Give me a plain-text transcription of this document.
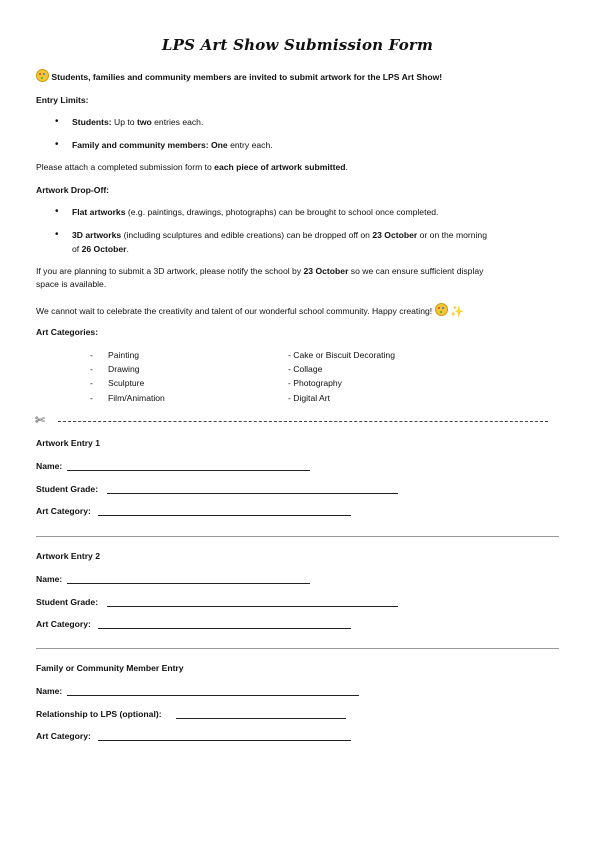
LPS Art Show Submission Form
Students, families and community members are invited to submit artwork for the LPS Art Show!
Entry Limits:
• Students: Up to two entries each.
• Family and community members: One entry each.
Please attach a completed submission form to each piece of artwork submitted.
Artwork Drop-Off:
• Flat artworks (e.g. paintings, drawings, photographs) can be brought to school once completed.
• 3D artworks (including sculptures and edible creations) can be dropped off on 23 October or on the morning
of 26 October.
If you are planning to submit a 3D artwork, please notify the school by 23 October so we can ensure sufficient display
space is available.
We cannot wait to celebrate the creativity and talent of our wonderful school community. Happy creating! ✨
Art Categories:
- Painting
- Drawing
- Sculpture
- Film/Animation
- Cake or Biscuit Decorating
- Collage
- Photography
- Digital Art
✄
Artwork Entry 1
Name:
Student Grade:
Art Category:
Artwork Entry 2
Name:
Student Grade:
Art Category:
Family or Community Member Entry
Name:
Relationship to LPS (optional):
Art Category:
